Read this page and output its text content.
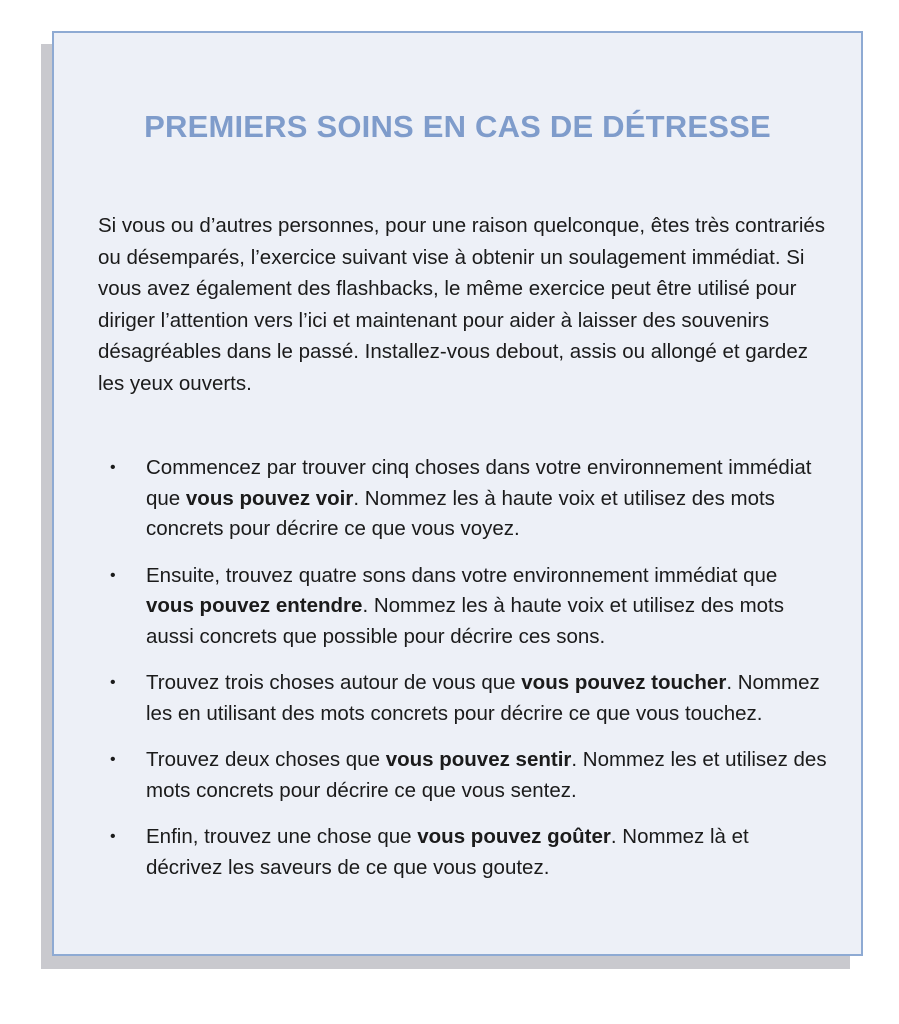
PREMIERS SOINS EN CAS DE DÉTRESSE

Si vous ou d’autres personnes, pour une raison quelconque, êtes très contrariés ou désemparés, l’exercice suivant vise à obtenir un soulagement immédiat. Si vous avez également des flashbacks, le même exercice peut être utilisé pour diriger l’attention vers l’ici et maintenant pour aider à laisser des souvenirs désagréables dans le passé. Installez-vous debout, assis ou allongé et gardez les yeux ouverts.

• Commencez par trouver cinq choses dans votre environnement immédiat que vous pouvez voir. Nommez les à haute voix et utilisez des mots concrets pour décrire ce que vous voyez.
• Ensuite, trouvez quatre sons dans votre environnement immédiat que vous pouvez entendre. Nommez les à haute voix et utilisez des mots aussi concrets que possible pour décrire ces sons.
• Trouvez trois choses autour de vous que vous pouvez toucher. Nommez les en utilisant des mots concrets pour décrire ce que vous touchez.
• Trouvez deux choses que vous pouvez sentir. Nommez les et utilisez des mots concrets pour décrire ce que vous sentez.
• Enfin, trouvez une chose que vous pouvez goûter. Nommez là et décrivez les saveurs de ce que vous goutez.
